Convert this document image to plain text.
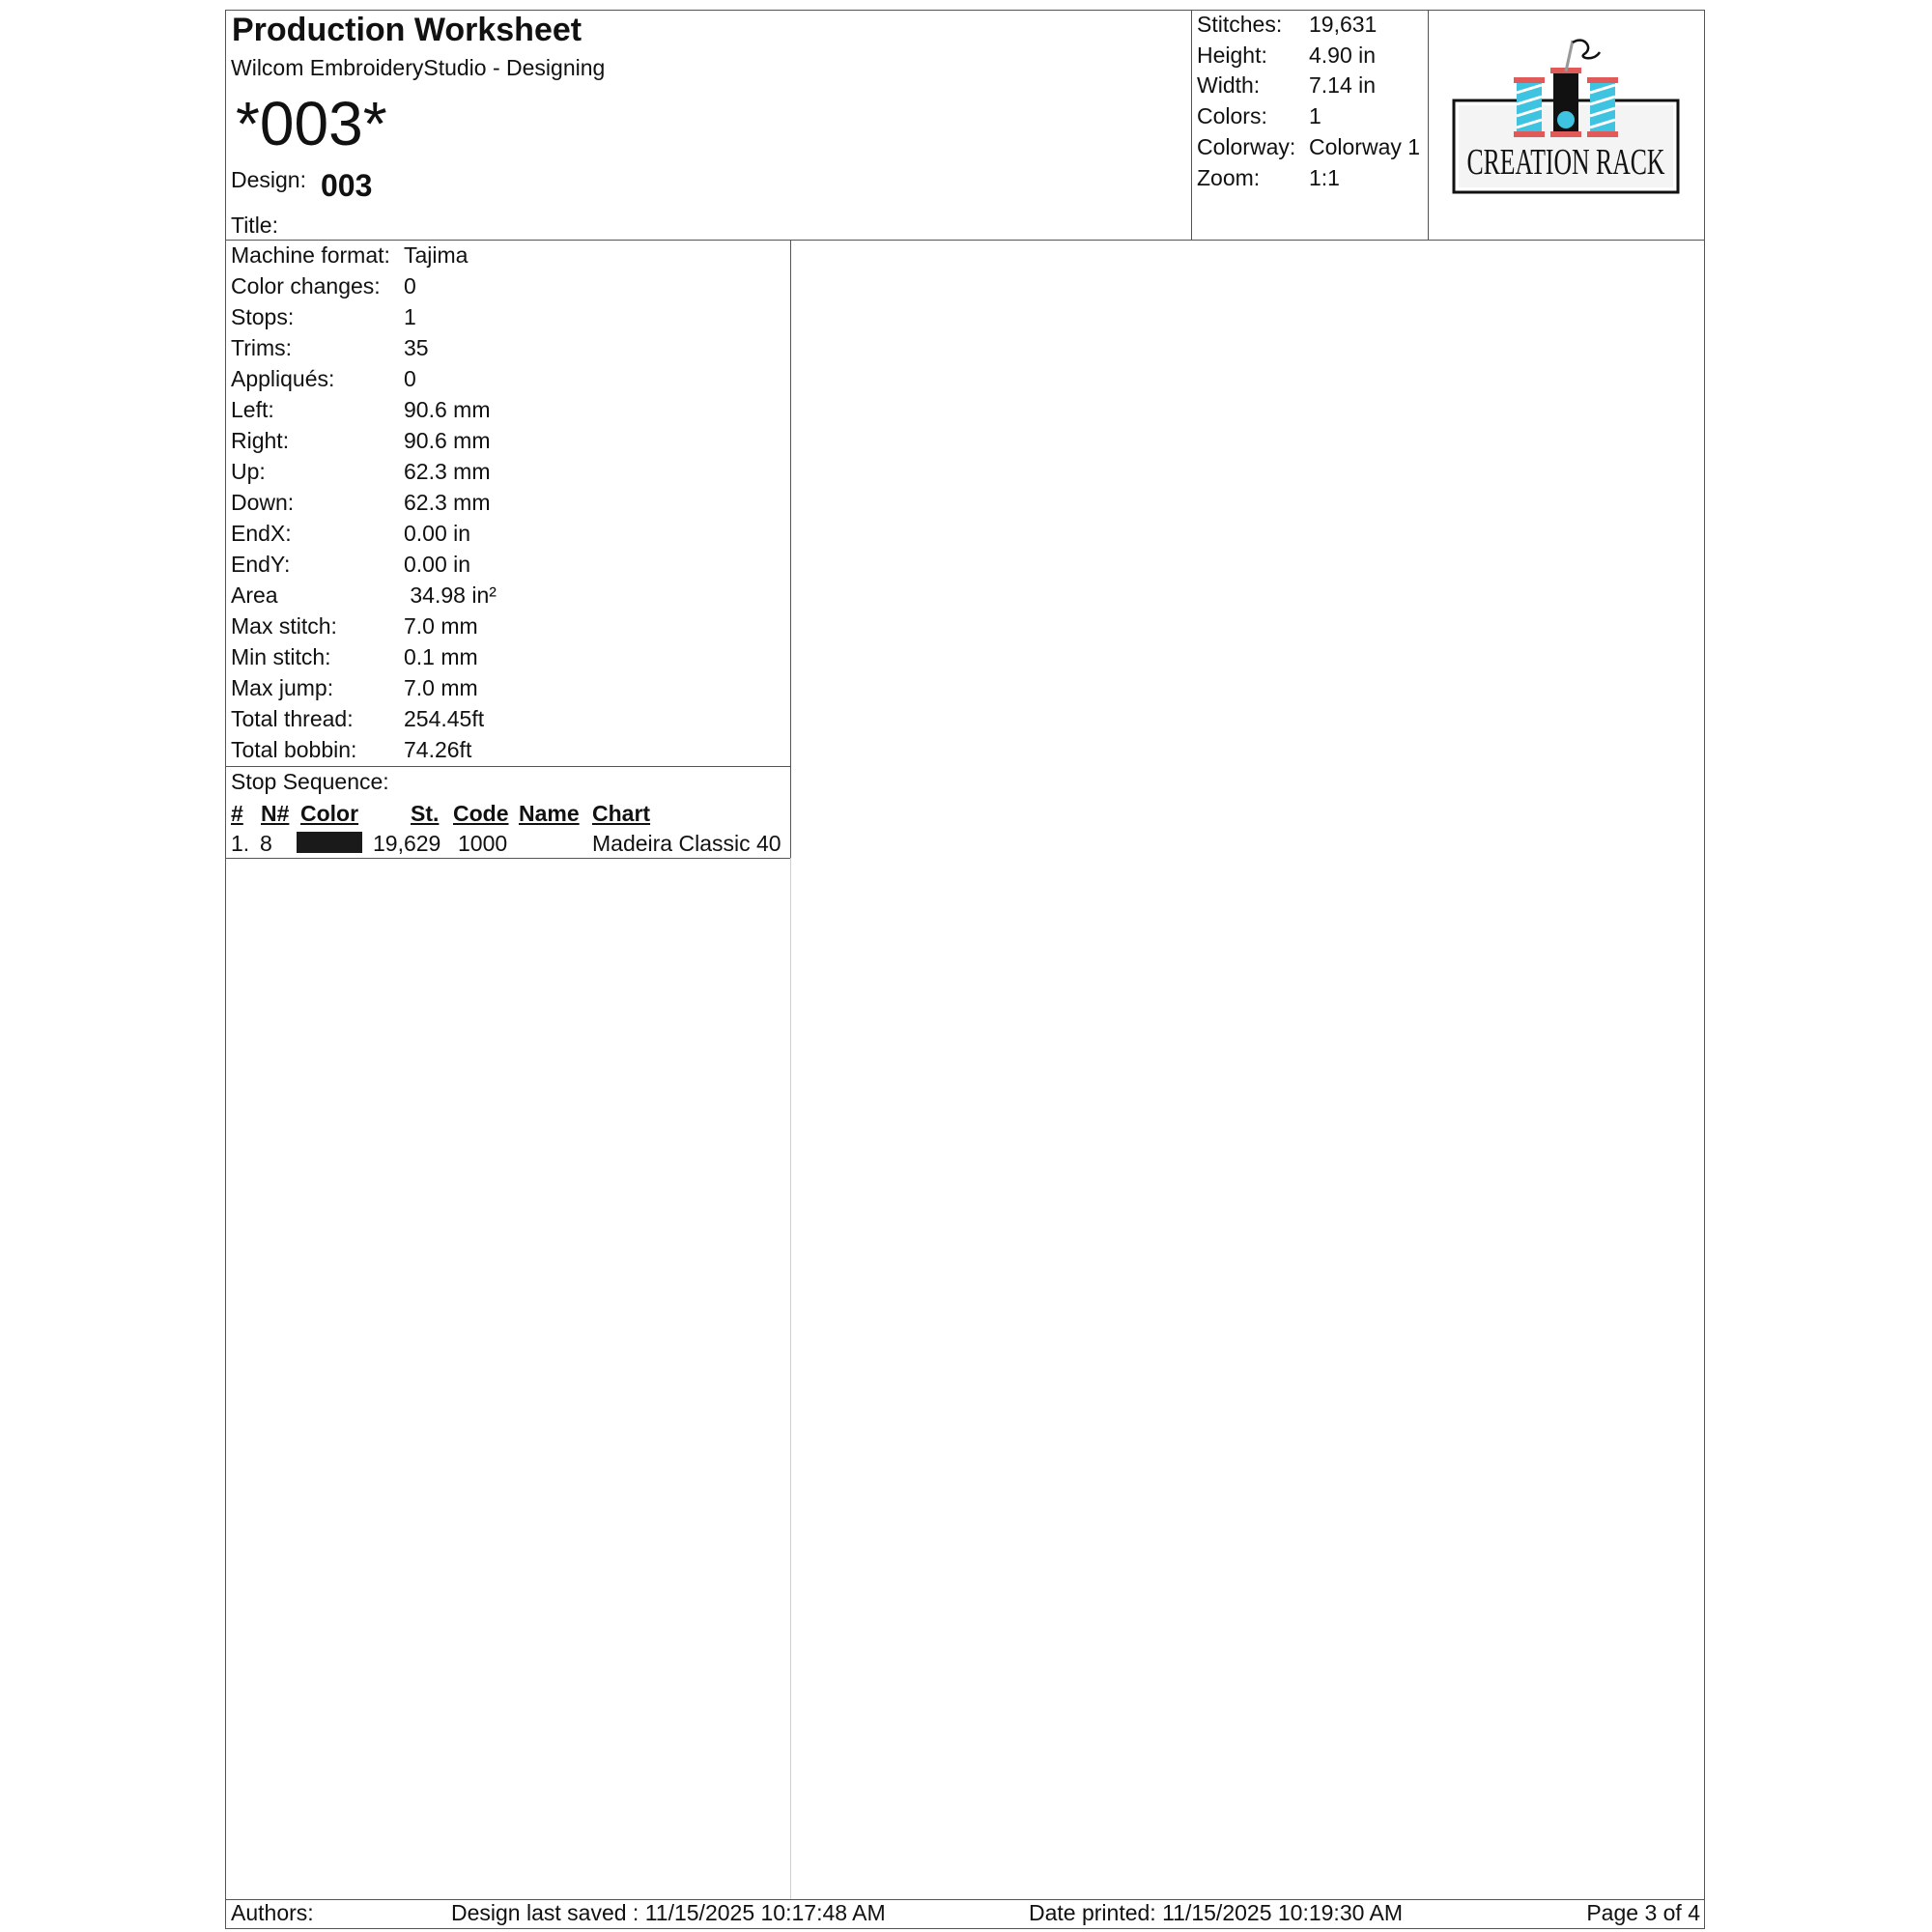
Production Worksheet
Wilcom EmbroideryStudio - Designing
*003*
Design: 003
Title:
Stitches: 19,631
Height: 4.90 in
Width: 7.14 in
Colors: 1
Colorway: Colorway 1
Zoom: 1:1	CREATION RACK
Machine format: Tajima
Color changes: 0
Stops:	1
Trims:	35
Appliqués:	0
Left:	90.6 mm
Right:	90.6 mm
Up:	62.3 mm
Down:	62.3 mm
EndX:	0.00 in
EndY:	0.00 in
Area	34.98 in²
Max stitch:	7.0 mm
Min stitch:	0.1 mm
Max jump:	7.0 mm
Total thread: 254.45ft
Total bobbin: 74.26ft
Stop Sequence:
# N# Color St. Code Name Chart
1. 8	19,629 1000	Madeira Classic 40
Authors:	Design last saved : 11/15/2025 10:17:48 AM	Date printed: 11/15/2025 10:19:30 AM	Page 3 of 4
